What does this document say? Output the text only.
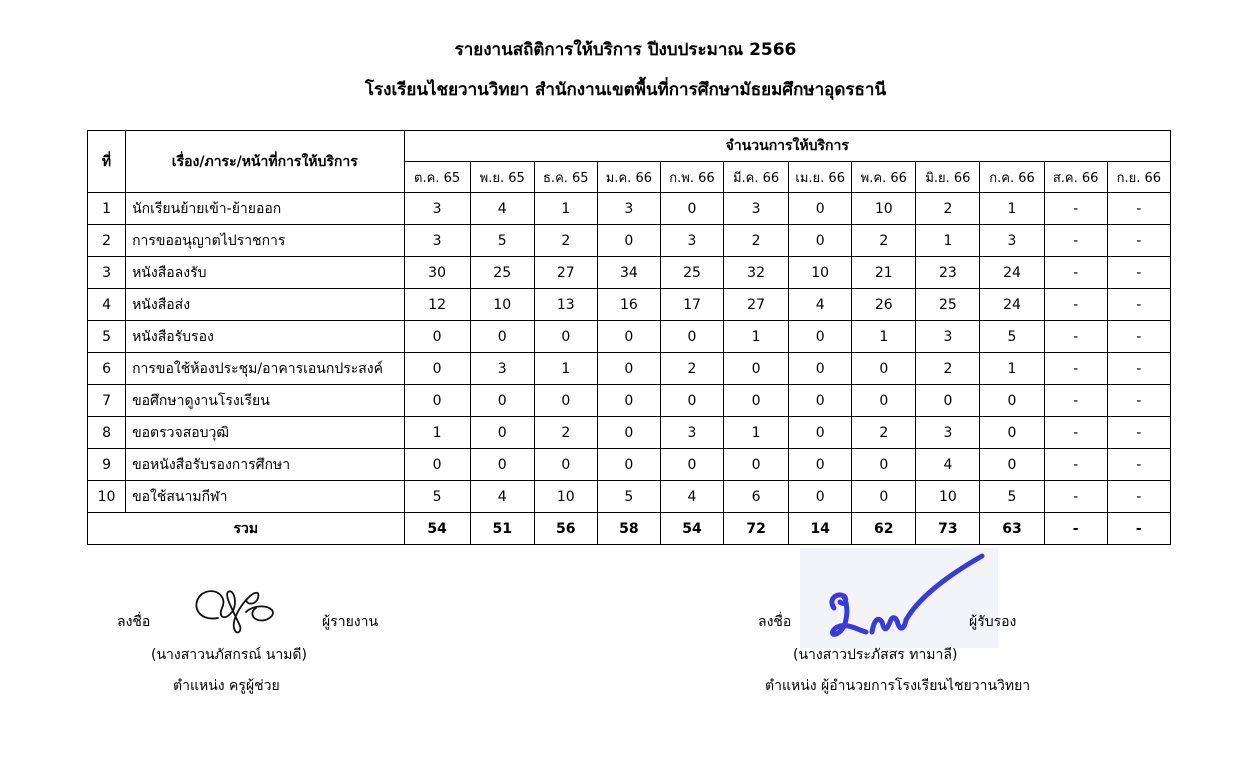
รายงานสถิติการให้บริการ ปีงบประมาณ 2566
โรงเรียนไชยวานวิทยา สำนักงานเขตพื้นที่การศึกษามัธยมศึกษาอุดรธานี
ที่	เรื่อง/ภาระ/หน้าที่การให้บริการ	จำนวนการให้บริการ											
		ต.ค. 65	พ.ย. 65	ธ.ค. 65	ม.ค. 66	ก.พ. 66	มี.ค. 66	เม.ย. 66	พ.ค. 66	มิ.ย. 66	ก.ค. 66	ส.ค. 66	ก.ย. 66
1	นักเรียนย้ายเข้า-ย้ายออก	3	4	1	3	0	3	0	10	2	1	-	-
2	การขออนุญาตไปราชการ	3	5	2	0	3	2	0	2	1	3	-	-
3	หนังสือลงรับ	30	25	27	34	25	32	10	21	23	24	-	-
4	หนังสือส่ง	12	10	13	16	17	27	4	26	25	24	-	-
5	หนังสือรับรอง	0	0	0	0	0	1	0	1	3	5	-	-
6	การขอใช้ห้องประชุม/อาคารเอนกประสงค์	0	3	1	0	2	0	0	0	2	1	-	-
7	ขอศึกษาดูงานโรงเรียน	0	0	0	0	0	0	0	0	0	0	-	-
8	ขอตรวจสอบวุฒิ	1	0	2	0	3	1	0	2	3	0	-	-
9	ขอหนังสือรับรองการศึกษา	0	0	0	0	0	0	0	0	4	0	-	-
10	ขอใช้สนามกีฬา	5	4	10	5	4	6	0	0	10	5	-	-
รวม		54	51	56	58	54	72	14	62	73	63	-	-
ลงชื่อ	ผู้รายงาน
(นางสาวนภัสกรณ์ นามดี)
ตำแหน่ง ครูผู้ช่วย
ลงชื่อ	ผู้รับรอง
(นางสาวประภัสสร ทามาลี)
ตำแหน่ง ผู้อำนวยการโรงเรียนไชยวานวิทยา
